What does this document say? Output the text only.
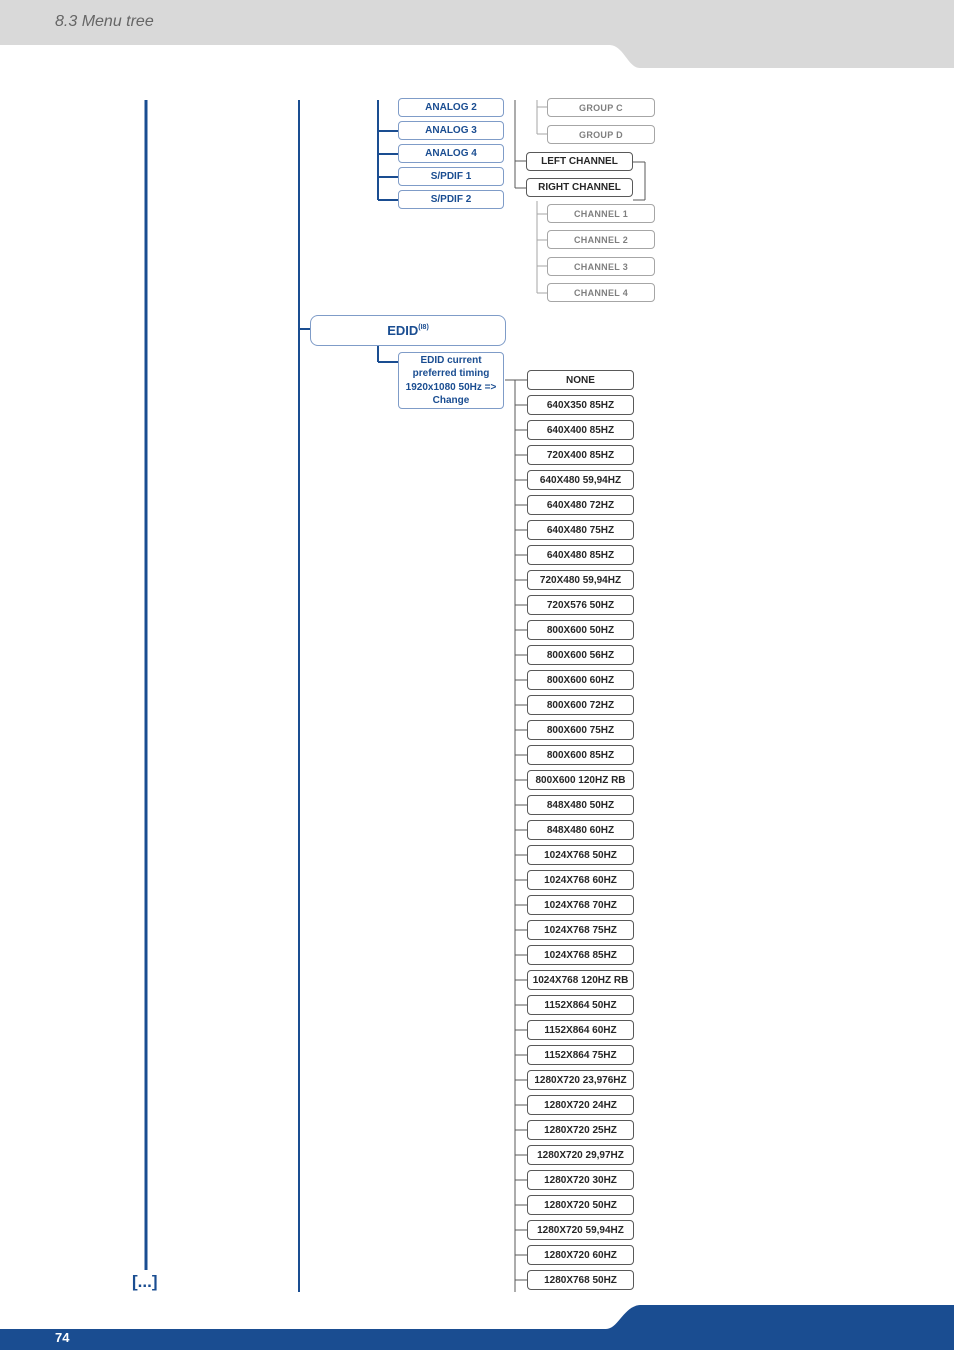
8.3 Menu tree
ANALOG 2
ANALOG 3
ANALOG 4
S/PDIF 1
S/PDIF 2
GROUP C
GROUP D
LEFT CHANNEL
RIGHT CHANNEL
CHANNEL 1
CHANNEL 2
CHANNEL 3
CHANNEL 4
$EDID^{(I8)}$
EDID current preferred timing 1920x1080 50Hz => Change
NONE
640X350 85HZ
640X400 85HZ
720X400 85HZ
640X480 59,94HZ
640X480 72HZ
640X480 75HZ
640X480 85HZ
720X480 59,94HZ
720X576 50HZ
800X600 50HZ
800X600 56HZ
800X600 60HZ
800X600 72HZ
800X600 75HZ
800X600 85HZ
800X600 120HZ RB
848X480 50HZ
848X480 60HZ
1024X768 50HZ
1024X768 60HZ
1024X768 70HZ
1024X768 75HZ
1024X768 85HZ
1024X768 120HZ RB
1152X864 50HZ
1152X864 60HZ
1152X864 75HZ
1280X720 23,976HZ
1280X720 24HZ
1280X720 25HZ
1280X720 29,97HZ
1280X720 30HZ
1280X720 50HZ
1280X720 59,94HZ
1280X720 60HZ
1280X768 50HZ
[...]
74
